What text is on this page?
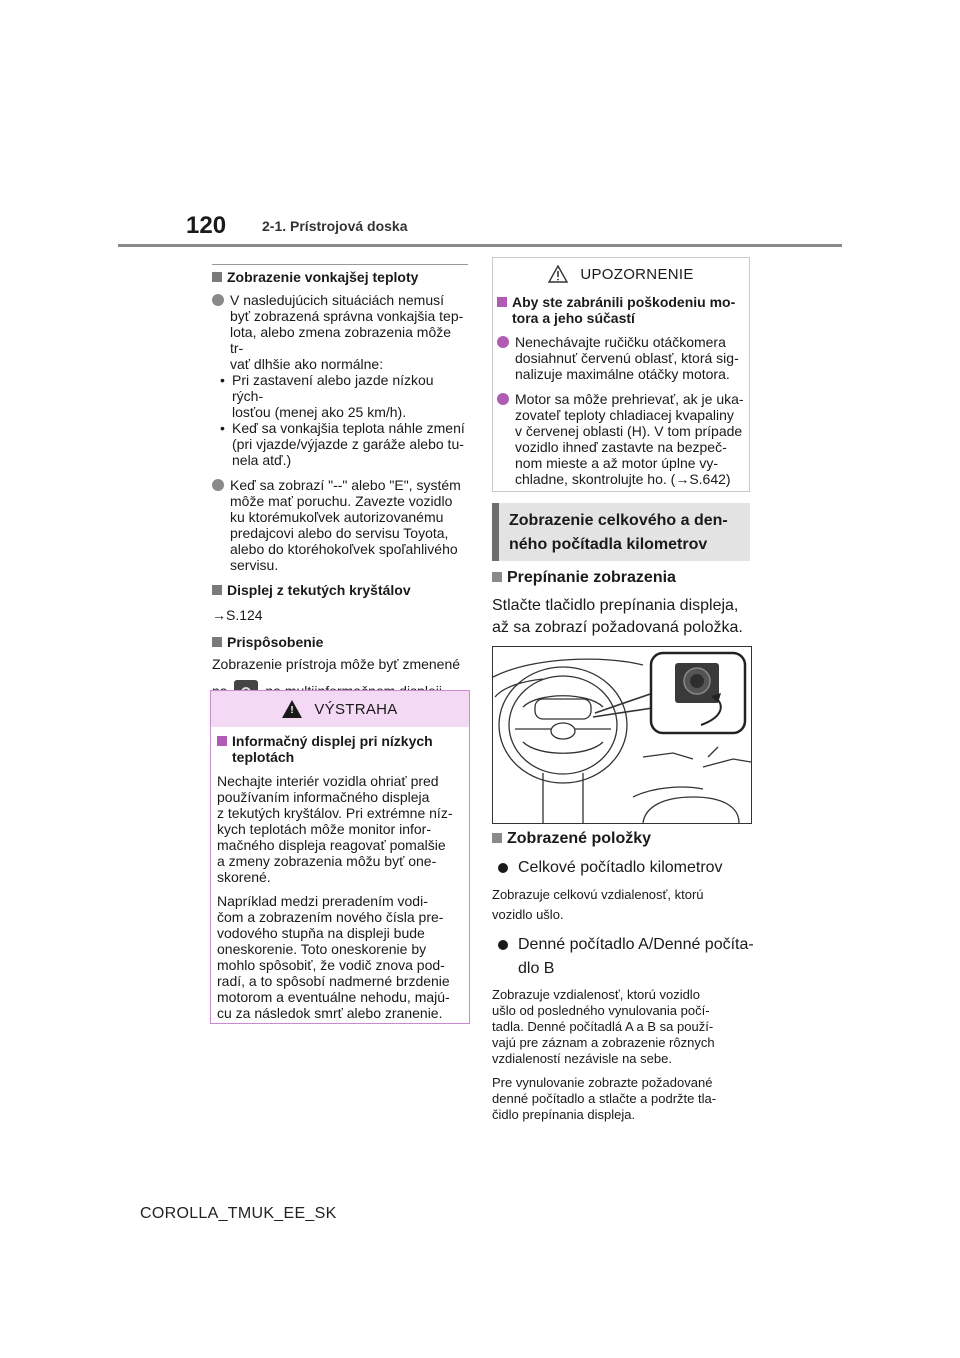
120	2-1. Prístrojová doska
Zobrazenie vonkajšej teploty

V nasledujúcich situáciách nemusí

byť zobrazená správna vonkajšia tep-

lota, alebo zmena zobrazenia môže tr-

vať dlhšie ako normálne:

• Pri zastavení alebo jazde nízkou rých-

losťou (menej ako 25 km/h).

• Keď sa vonkajšia teplota náhle zmení

(pri vjazde/výjazde z garáže alebo tu-

nela atď.)

Keď sa zobrazí "--" alebo "E", systém

môže mať poruchu. Zavezte vozidlo

ku ktorémukoľvek autorizovanému

predajcovi alebo do servisu Toyota,

alebo do ktoréhokoľvek spoľahlivého

servisu.

Displej z tekutých kryštálov

→S.124

Prispôsobenie

Zobrazenie prístroja môže byť zmenené

! VÝSTRAHA

Informačný displej pri nízkych

teplotách

Nechajte interiér vozidla ohriať pred

používaním informačného displeja

z tekutých kryštálov. Pri extrémne níz-

kych teplotách môže monitor infor-

mačného displeja reagovať pomalšie

a zmeny zobrazenia môžu byť one-

skorené.

Napríklad medzi preradením vodi-

čom a zobrazením nového čísla pre-

vodového stupňa na displeji bude

oneskorenie. Toto oneskorenie by

mohlo spôsobiť, že vodič znova pod-

radí, a to spôsobí nadmerné brzdenie

motorom a eventuálne nehodu, majú-

cu za následok smrť alebo zranenie.

UPOZORNENIE

Aby ste zabránili poškodeniu mo-

tora a jeho súčastí

Nenechávajte ručičku otáčkomera

dosiahnuť červenú oblasť, ktorá sig-

nalizuje maximálne otáčky motora.

Motor sa môže prehrievať, ak je uka-

zovateľ teploty chladiacej kvapaliny

v červenej oblasti (H). V tom prípade

vozidlo ihneď zastavte na bezpeč-

nom mieste a až motor úplne vy-

chladne, skontrolujte ho. (→S.642)

Zobrazenie celkového a den-
ného počítadla kilometrov
Prepínanie zobrazenia

Stlačte tlačidlo prepínania displeja,

až sa zobrazí požadovaná položka.

Zobrazené položky
Celkové počítadlo kilometrov

Zobrazuje celkovú vzdialenosť, ktorú

vozidlo ušlo.

Denné počítadlo A/Denné počíta-

dlo B

Zobrazuje vzdialenosť, ktorú vozidlo

ušlo od posledného vynulovania počí-

tadla. Denné počítadlá A a B sa použí-

vajú pre záznam a zobrazenie rôznych

vzdialeností nezávisle na sebe.

Pre vynulovanie zobrazte požadované

denné počítadlo a stlačte a podržte tla-

čidlo prepínania displeja.

COROLLA_TMUK_EE_SK
